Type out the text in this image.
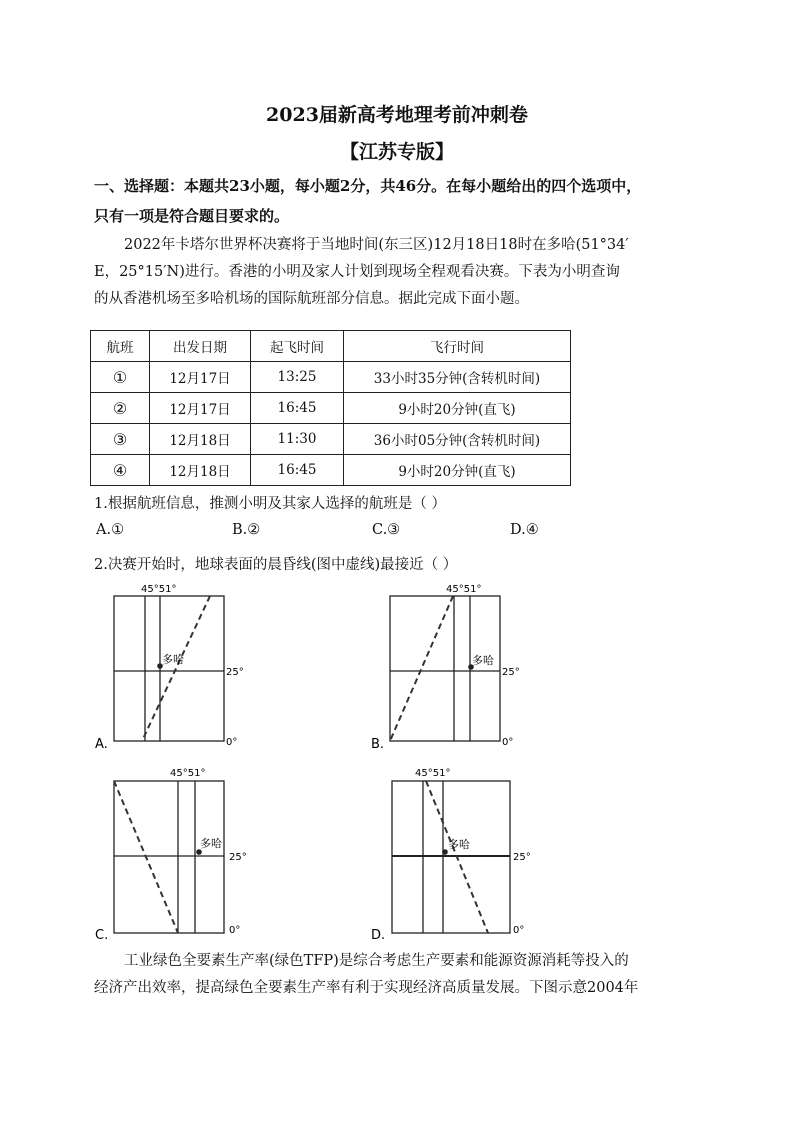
2023届新高考地理考前冲刺卷
【江苏专版】
一、选择题：本题共23小题，每小题2分，共46分。在每小题给出的四个选项中，
只有一项是符合题目要求的。

2022年卡塔尔世界杯决赛将于当地时间(东三区)12月18日18时在多哈(51°34′

E，25°15′N)进行。香港的小明及家人计划到现场全程观看决赛。下表为小明查询

的从香港机场至多哈机场的国际航班部分信息。据此完成下面小题。

航班	出发日期	起飞时间	飞行时间
①	12月17日	13:25	33小时35分钟(含转机时间)
②	12月17日	16:45	9小时20分钟(直飞)
③	12月18日	11:30	36小时05分钟(含转机时间)
④	12月18日	16:45	9小时20分钟(直飞)
1.根据航班信息，推测小明及其家人选择的航班是（ ）
A.①	B.②	C.③	D.④
2.决赛开始时，地球表面的晨昏线(图中虚线)最接近（ ）
45°51°
多哈
25°
0°
A.
45°51°
多哈
25°
0°
B.
45°51°
多哈
25°
0°
C.
45°51°
多哈
25°
0°
D.

工业绿色全要素生产率(绿色TFP)是综合考虑生产要素和能源资源消耗等投入的

经济产出效率，提高绿色全要素生产率有利于实现经济高质量发展。下图示意2004年
